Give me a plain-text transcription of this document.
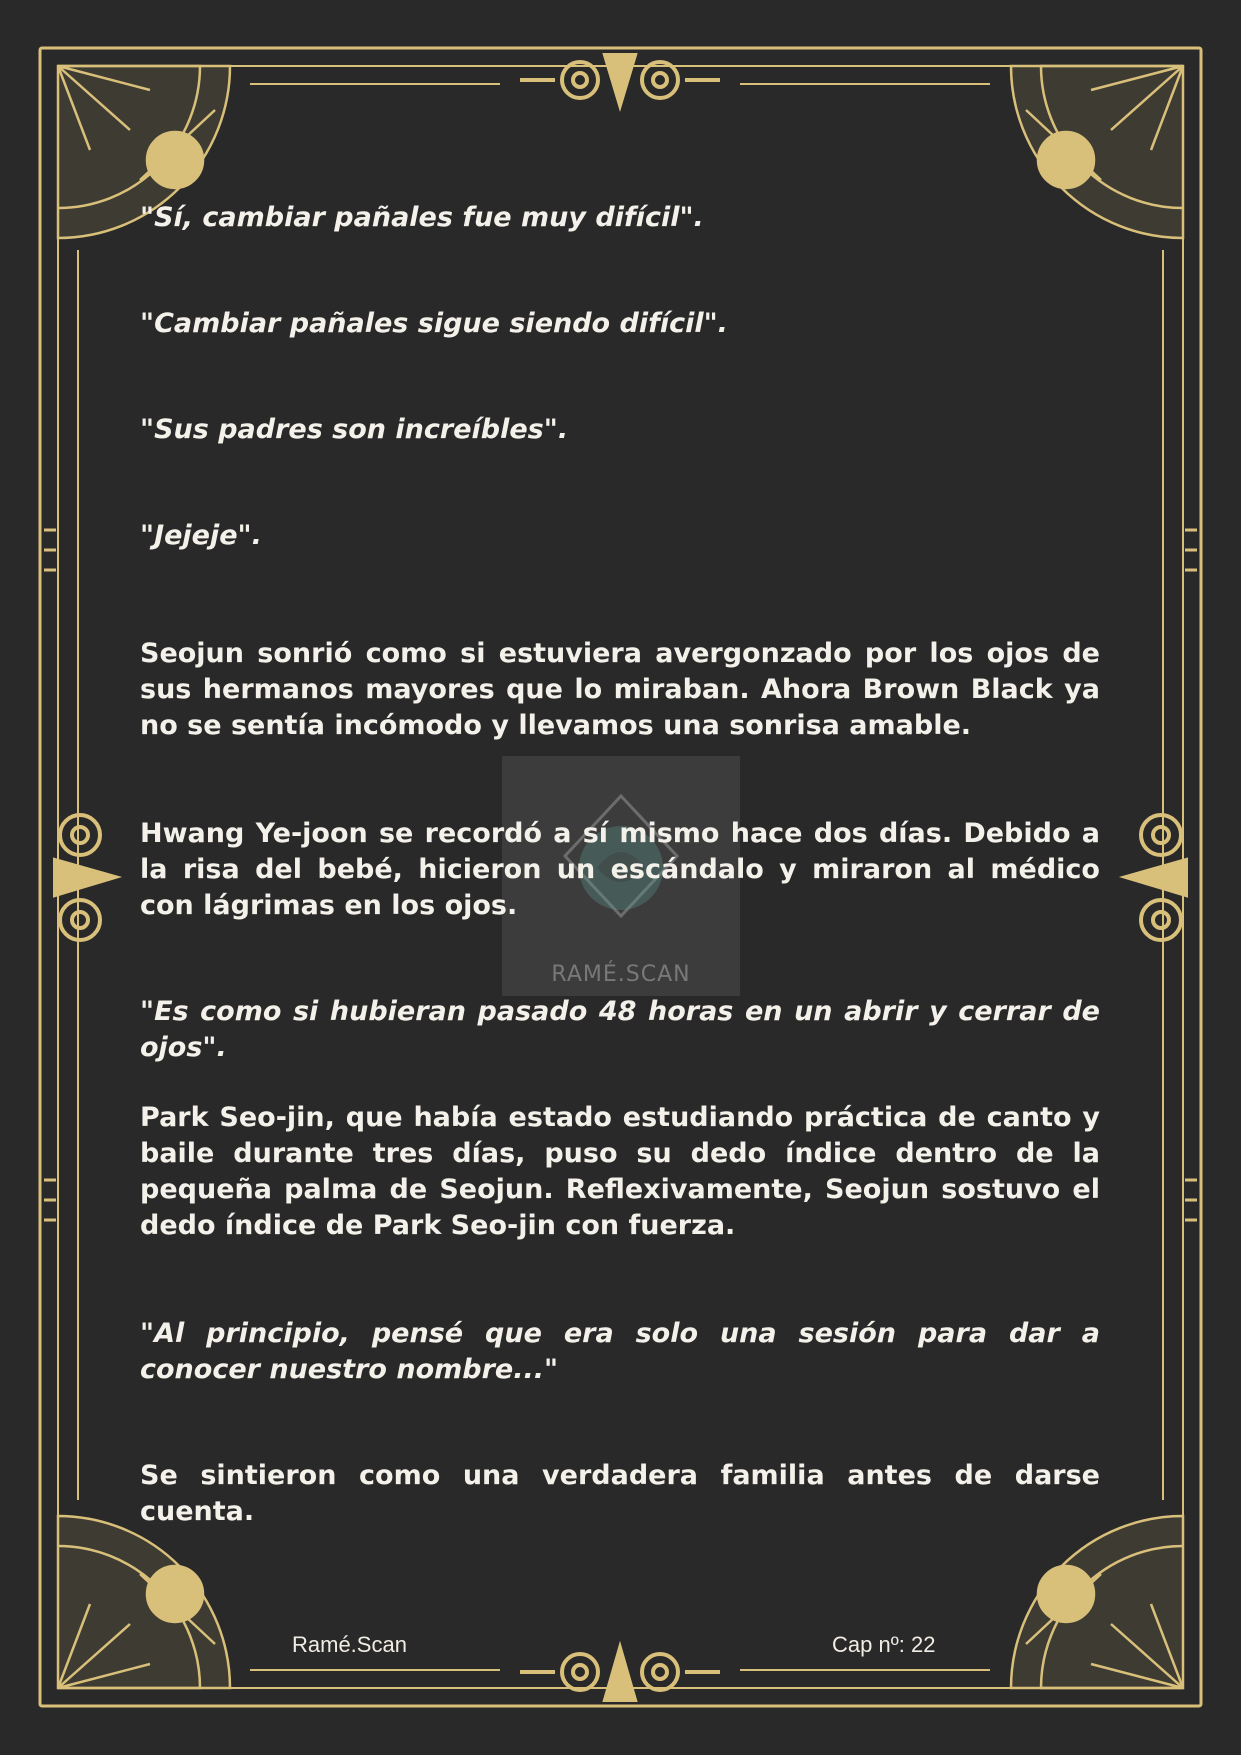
RAMÉ.SCAN

"Sí, cambiar pañales fue muy difícil".

"Cambiar pañales sigue siendo difícil".

"Sus padres son increíbles".

"Jejeje".

Seojun sonrió como si estuviera avergonzado por los ojos de sus hermanos mayores que lo miraban. Ahora Brown Black ya no se sentía incómodo y llevamos una sonrisa amable.

Hwang Ye-joon se recordó a sí mismo hace dos días. Debido a la risa del bebé, hicieron un escándalo y miraron al médico con lágrimas en los ojos.

"Es como si hubieran pasado 48 horas en un abrir y cerrar de ojos".

Park Seo-jin, que había estado estudiando práctica de canto y baile durante tres días, puso su dedo índice dentro de la pequeña palma de Seojun. Reflexivamente, Seojun sostuvo el dedo índice de Park Seo-jin con fuerza.

"Al principio, pensé que era solo una sesión para dar a conocer nuestro nombre..."

Se sintieron como una verdadera familia antes de darse cuenta.

Ramé.Scan	Cap nº: 22
